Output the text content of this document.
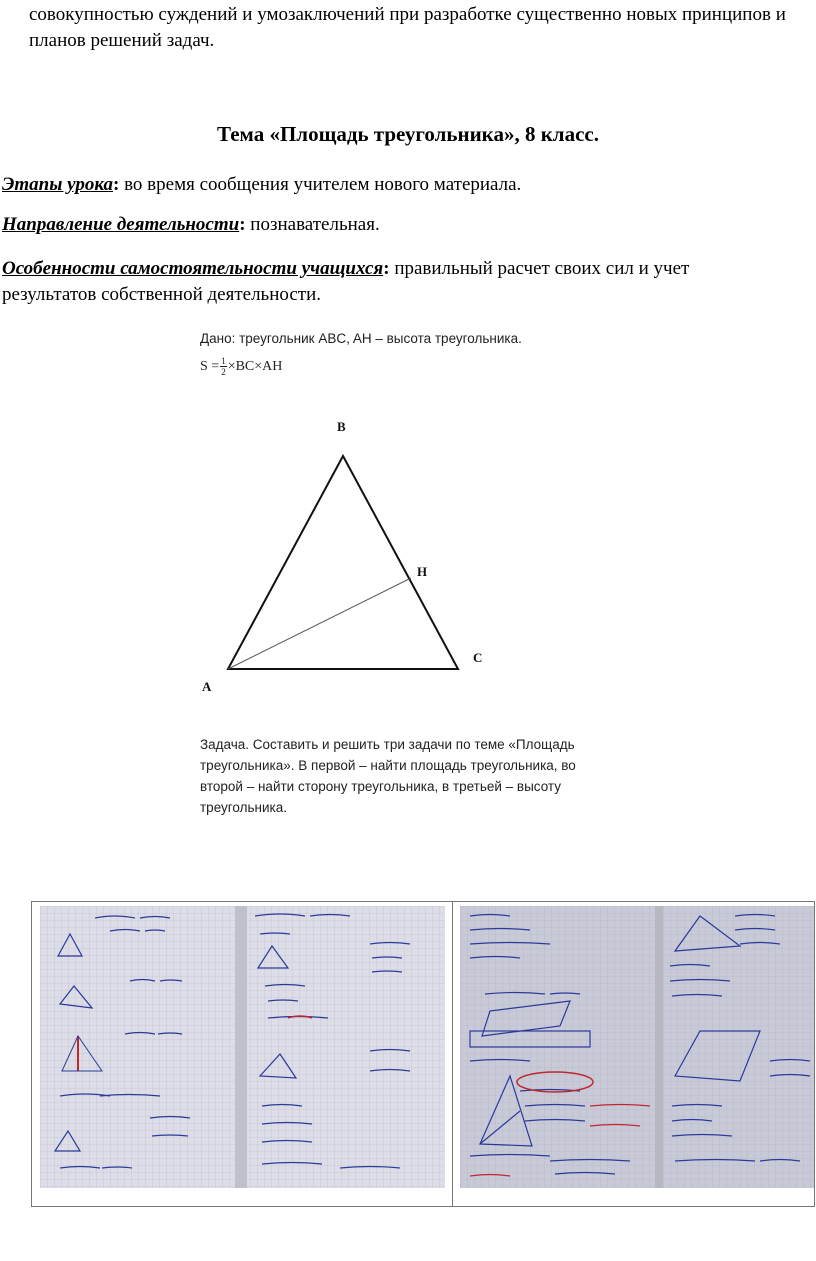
совокупностью суждений и умозаключений при разработке существенно новых принципов и планов решений задач.
Тема «Площадь треугольника», 8 класс.
Этапы урока: во время сообщения учителем нового материала.
Направление деятельности: познавательная.
Особенности самостоятельности учащихся: правильный расчет своих сил и учет результатов собственной деятельности.
Дано: треугольник ABC, AH – высота треугольника.
$S = \frac{1}{2} \times BC\times AH$
B
H
C
A
Задача. Составить и решить три задачи по теме «Площадь треугольника». В первой – найти площадь треугольника, во второй – найти сторону треугольника, в третьей – высоту треугольника.
